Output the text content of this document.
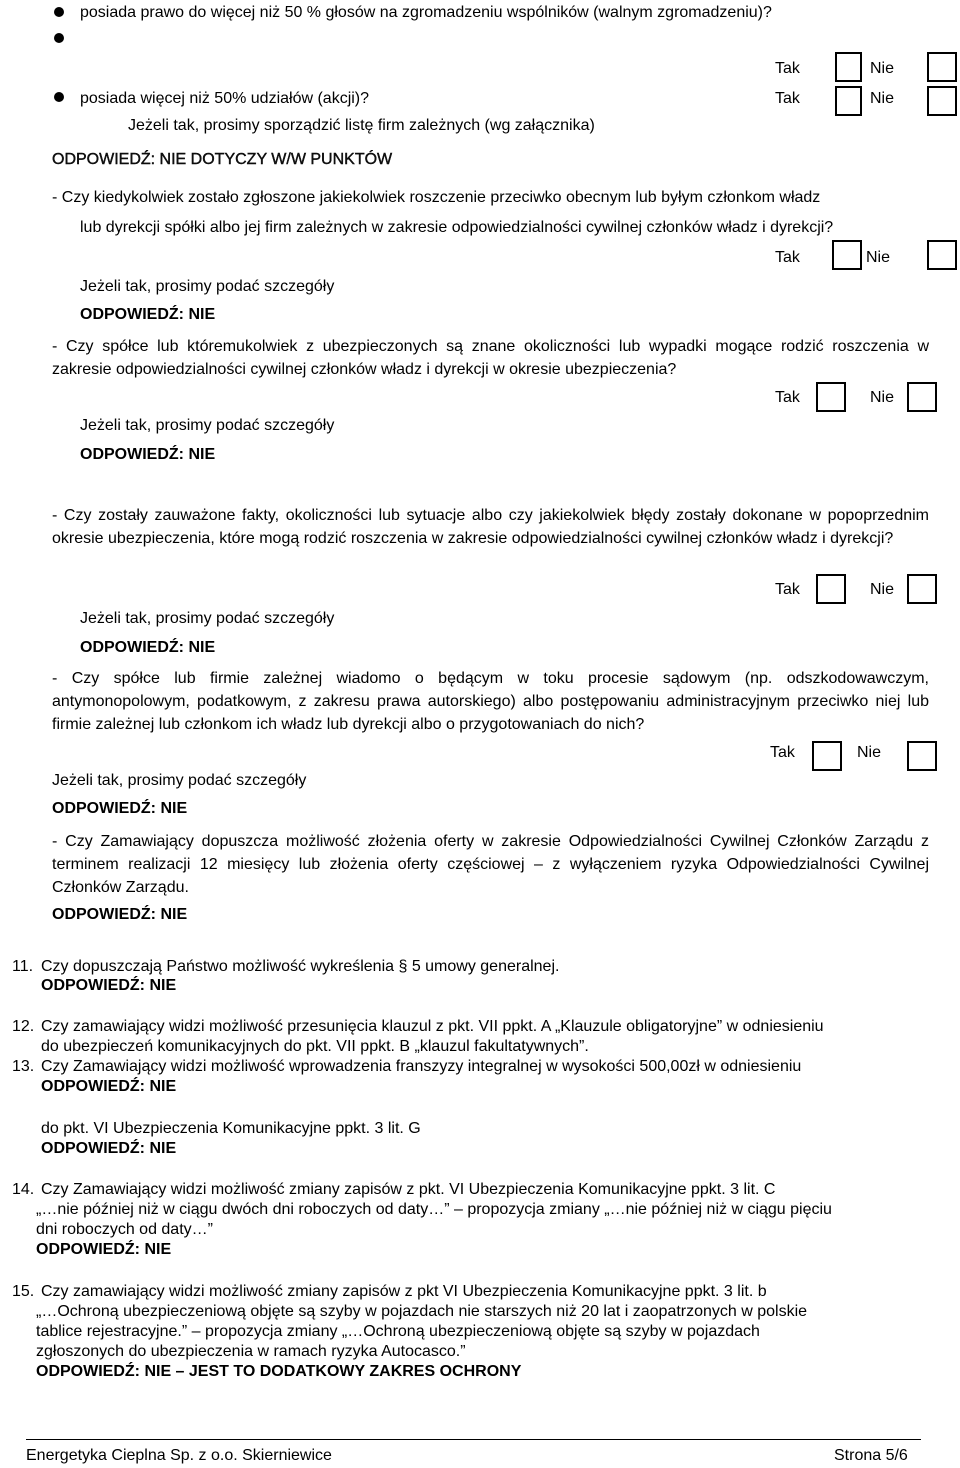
posiada prawo do więcej niż 50 % głosów na zgromadzeniu wspólników (walnym zgromadzeniu)?
Tak	Nie
posiada więcej niż 50% udziałów (akcji)?	Tak	Nie
Jeżeli tak, prosimy sporządzić listę firm zależnych (wg załącznika)
ODPOWIEDŹ: NIE DOTYCZY W/W PUNKTÓW
- Czy kiedykolwiek zostało zgłoszone jakiekolwiek roszczenie przeciwko obecnym lub byłym członkom władz
lub dyrekcji spółki albo jej firm zależnych w zakresie odpowiedzialności cywilnej członków władz i dyrekcji?
Tak	Nie
Jeżeli tak, prosimy podać szczegóły
ODPOWIEDŹ: NIE
- Czy spółce lub któremukolwiek z ubezpieczonych są znane okoliczności lub wypadki mogące rodzić roszczenia w zakresie odpowiedzialności cywilnej członków władz i dyrekcji w okresie ubezpieczenia?
Tak	Nie
Jeżeli tak, prosimy podać szczegóły
ODPOWIEDŹ: NIE
- Czy zostały zauważone fakty, okoliczności lub sytuacje albo czy jakiekolwiek błędy zostały dokonane w popoprzednim okresie ubezpieczenia, które mogą rodzić roszczenia w zakresie odpowiedzialności cywilnej członków władz i dyrekcji?
Tak	Nie
Jeżeli tak, prosimy podać szczegóły
ODPOWIEDŹ: NIE
- Czy spółce lub firmie zależnej wiadomo o będącym w toku procesie sądowym (np. odszkodowawczym, antymonopolowym, podatkowym, z zakresu prawa autorskiego) albo postępowaniu administracyjnym przeciwko niej lub firmie zależnej lub członkom ich władz lub dyrekcji albo o przygotowaniach do nich?
Tak	Nie
Jeżeli tak, prosimy podać szczegóły
ODPOWIEDŹ: NIE
- Czy Zamawiający dopuszcza możliwość złożenia oferty w zakresie Odpowiedzialności Cywilnej Członków Zarządu z terminem realizacji 12 miesięcy lub złożenia oferty częściowej – z wyłączeniem ryzyka Odpowiedzialności Cywilnej Członków Zarządu.
ODPOWIEDŹ: NIE
11. Czy dopuszczają Państwo możliwość wykreślenia § 5 umowy generalnej.
ODPOWIEDŹ: NIE
12. Czy zamawiający widzi możliwość przesunięcia klauzul z pkt. VII ppkt. A „Klauzule obligatoryjne” w odniesieniu
do ubezpieczeń komunikacyjnych do pkt. VII ppkt. B „klauzul fakultatywnych”.
13. Czy Zamawiający widzi możliwość wprowadzenia franszyzy integralnej w wysokości 500,00zł w odniesieniu
ODPOWIEDŹ: NIE
do pkt. VI Ubezpieczenia Komunikacyjne ppkt. 3 lit. G
ODPOWIEDŹ: NIE
14. Czy Zamawiający widzi możliwość zmiany zapisów z pkt. VI Ubezpieczenia Komunikacyjne ppkt. 3 lit. C
„…nie później niż w ciągu dwóch dni roboczych od daty…” – propozycja zmiany „…nie później niż w ciągu pięciu
dni roboczych od daty…”
ODPOWIEDŹ: NIE
15. Czy zamawiający widzi możliwość zmiany zapisów z pkt VI Ubezpieczenia Komunikacyjne ppkt. 3 lit. b
„…Ochroną ubezpieczeniową objęte są szyby w pojazdach nie starszych niż 20 lat i zaopatrzonych w polskie
tablice rejestracyjne.” – propozycja zmiany „…Ochroną ubezpieczeniową objęte są szyby w pojazdach
zgłoszonych do ubezpieczenia w ramach ryzyka Autocasco.”
ODPOWIEDŹ: NIE – JEST TO DODATKOWY ZAKRES OCHRONY
Energetyka Cieplna Sp. z o.o. Skierniewice	Strona 5/6
